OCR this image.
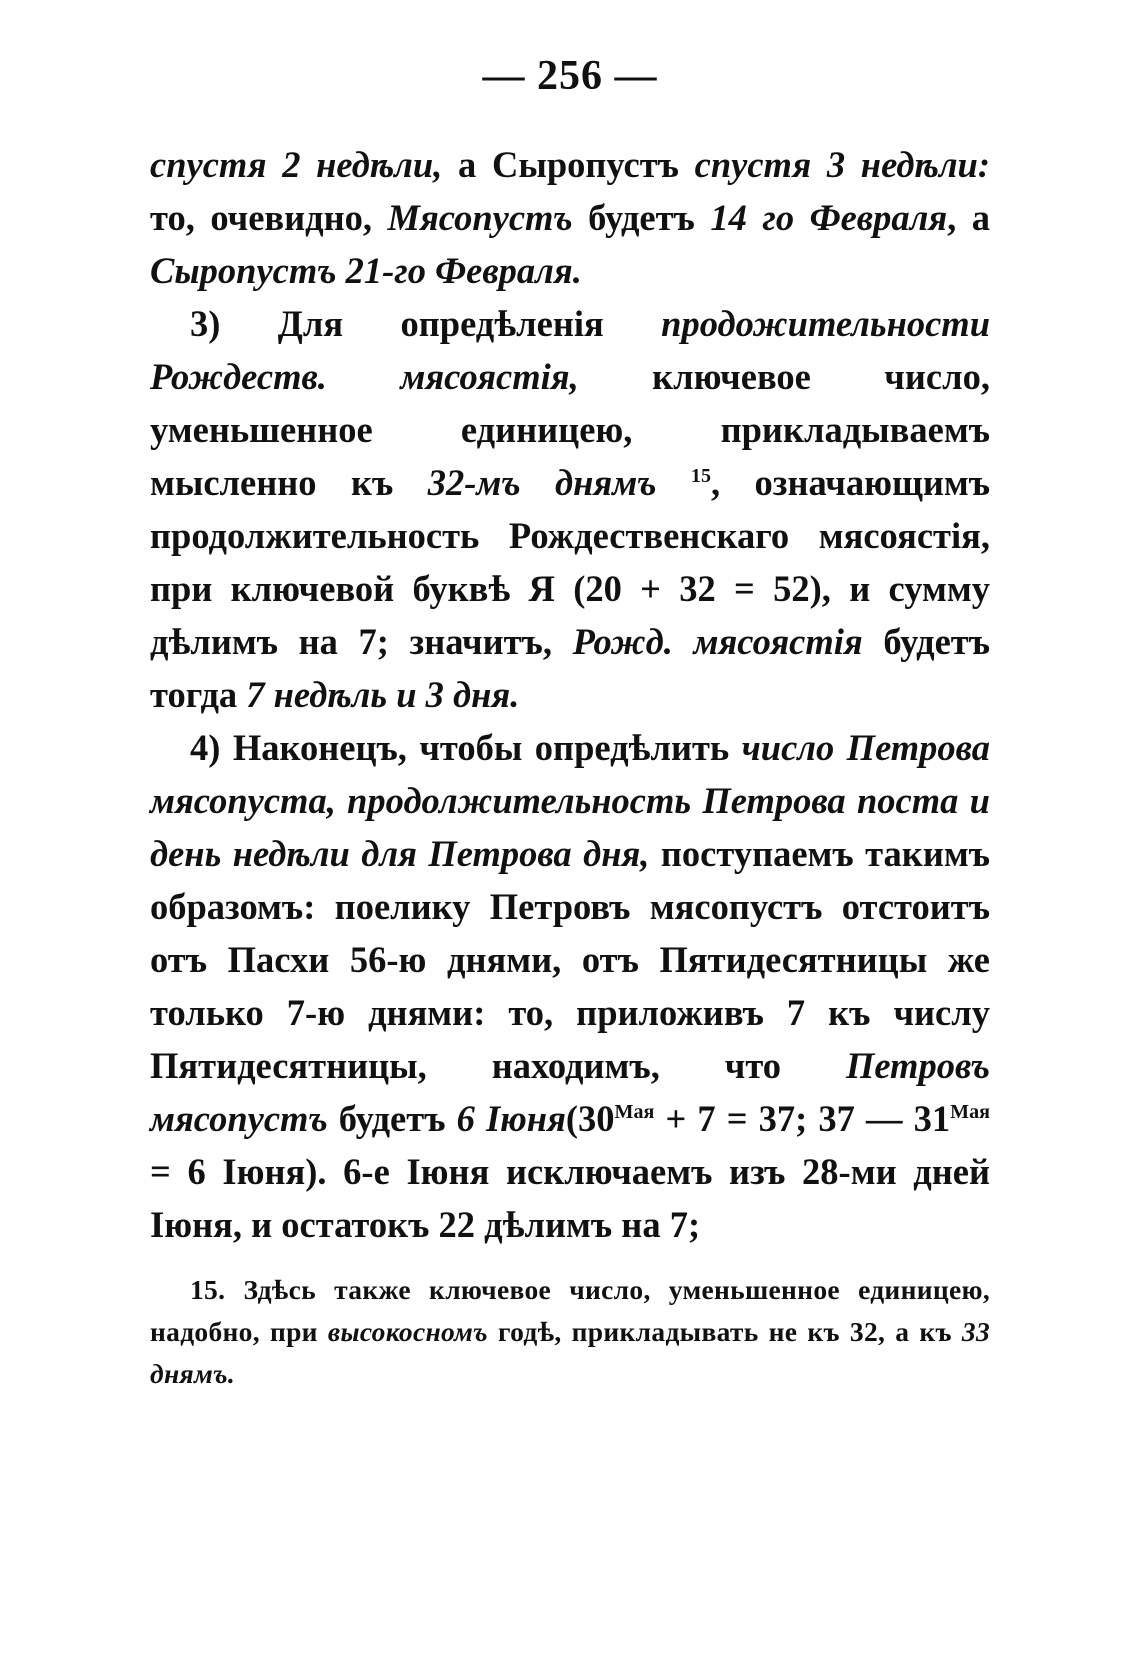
— 256 —

спустя 2 недѣли, а Сыропустъ спустя 3 недѣли: то, очевидно, Мясопустъ будетъ 14 го Февраля, а Сыропустъ 21-го Февраля.

3) Для опредѣленія продожительности Рождеств. мясоястія, ключевое число, уменьшенное единицею, прикладываемъ мысленно къ 32-мъ днямъ $^{15}$, означающимъ продолжительность Рождественскаго мясоястія, при ключевой буквѣ Я (20 + 32 = 52), и сумму дѣлимъ на 7; значитъ, Рожд. мясоястія будетъ тогда 7 недѣль и 3 дня.

4) Наконецъ, чтобы опредѣлить число Петрова мясопуста, продолжительность Петрова поста и день недѣли для Петрова дня, поступаемъ такимъ образомъ: поелику Петровъ мясопустъ отстоитъ отъ Пасхи 56-ю днями, отъ Пятидесятницы же только 7-ю днями: то, приложивъ 7 къ числу Пятидесятницы, находимъ, что Петровъ мясопустъ будетъ 6 $Іюня(30^{Мая} + 7 = 37$; 37 — $31^{Мая} = 6$ Іюня). 6-е Іюня исключаемъ изъ 28-ми дней Іюня, и остатокъ 22 дѣлимъ на 7;

15. Здѣсь также ключевое число, уменьшенное единицею, надобно, при высокосномъ годѣ, прикладывать не къ 32, а къ 33 днямъ.
